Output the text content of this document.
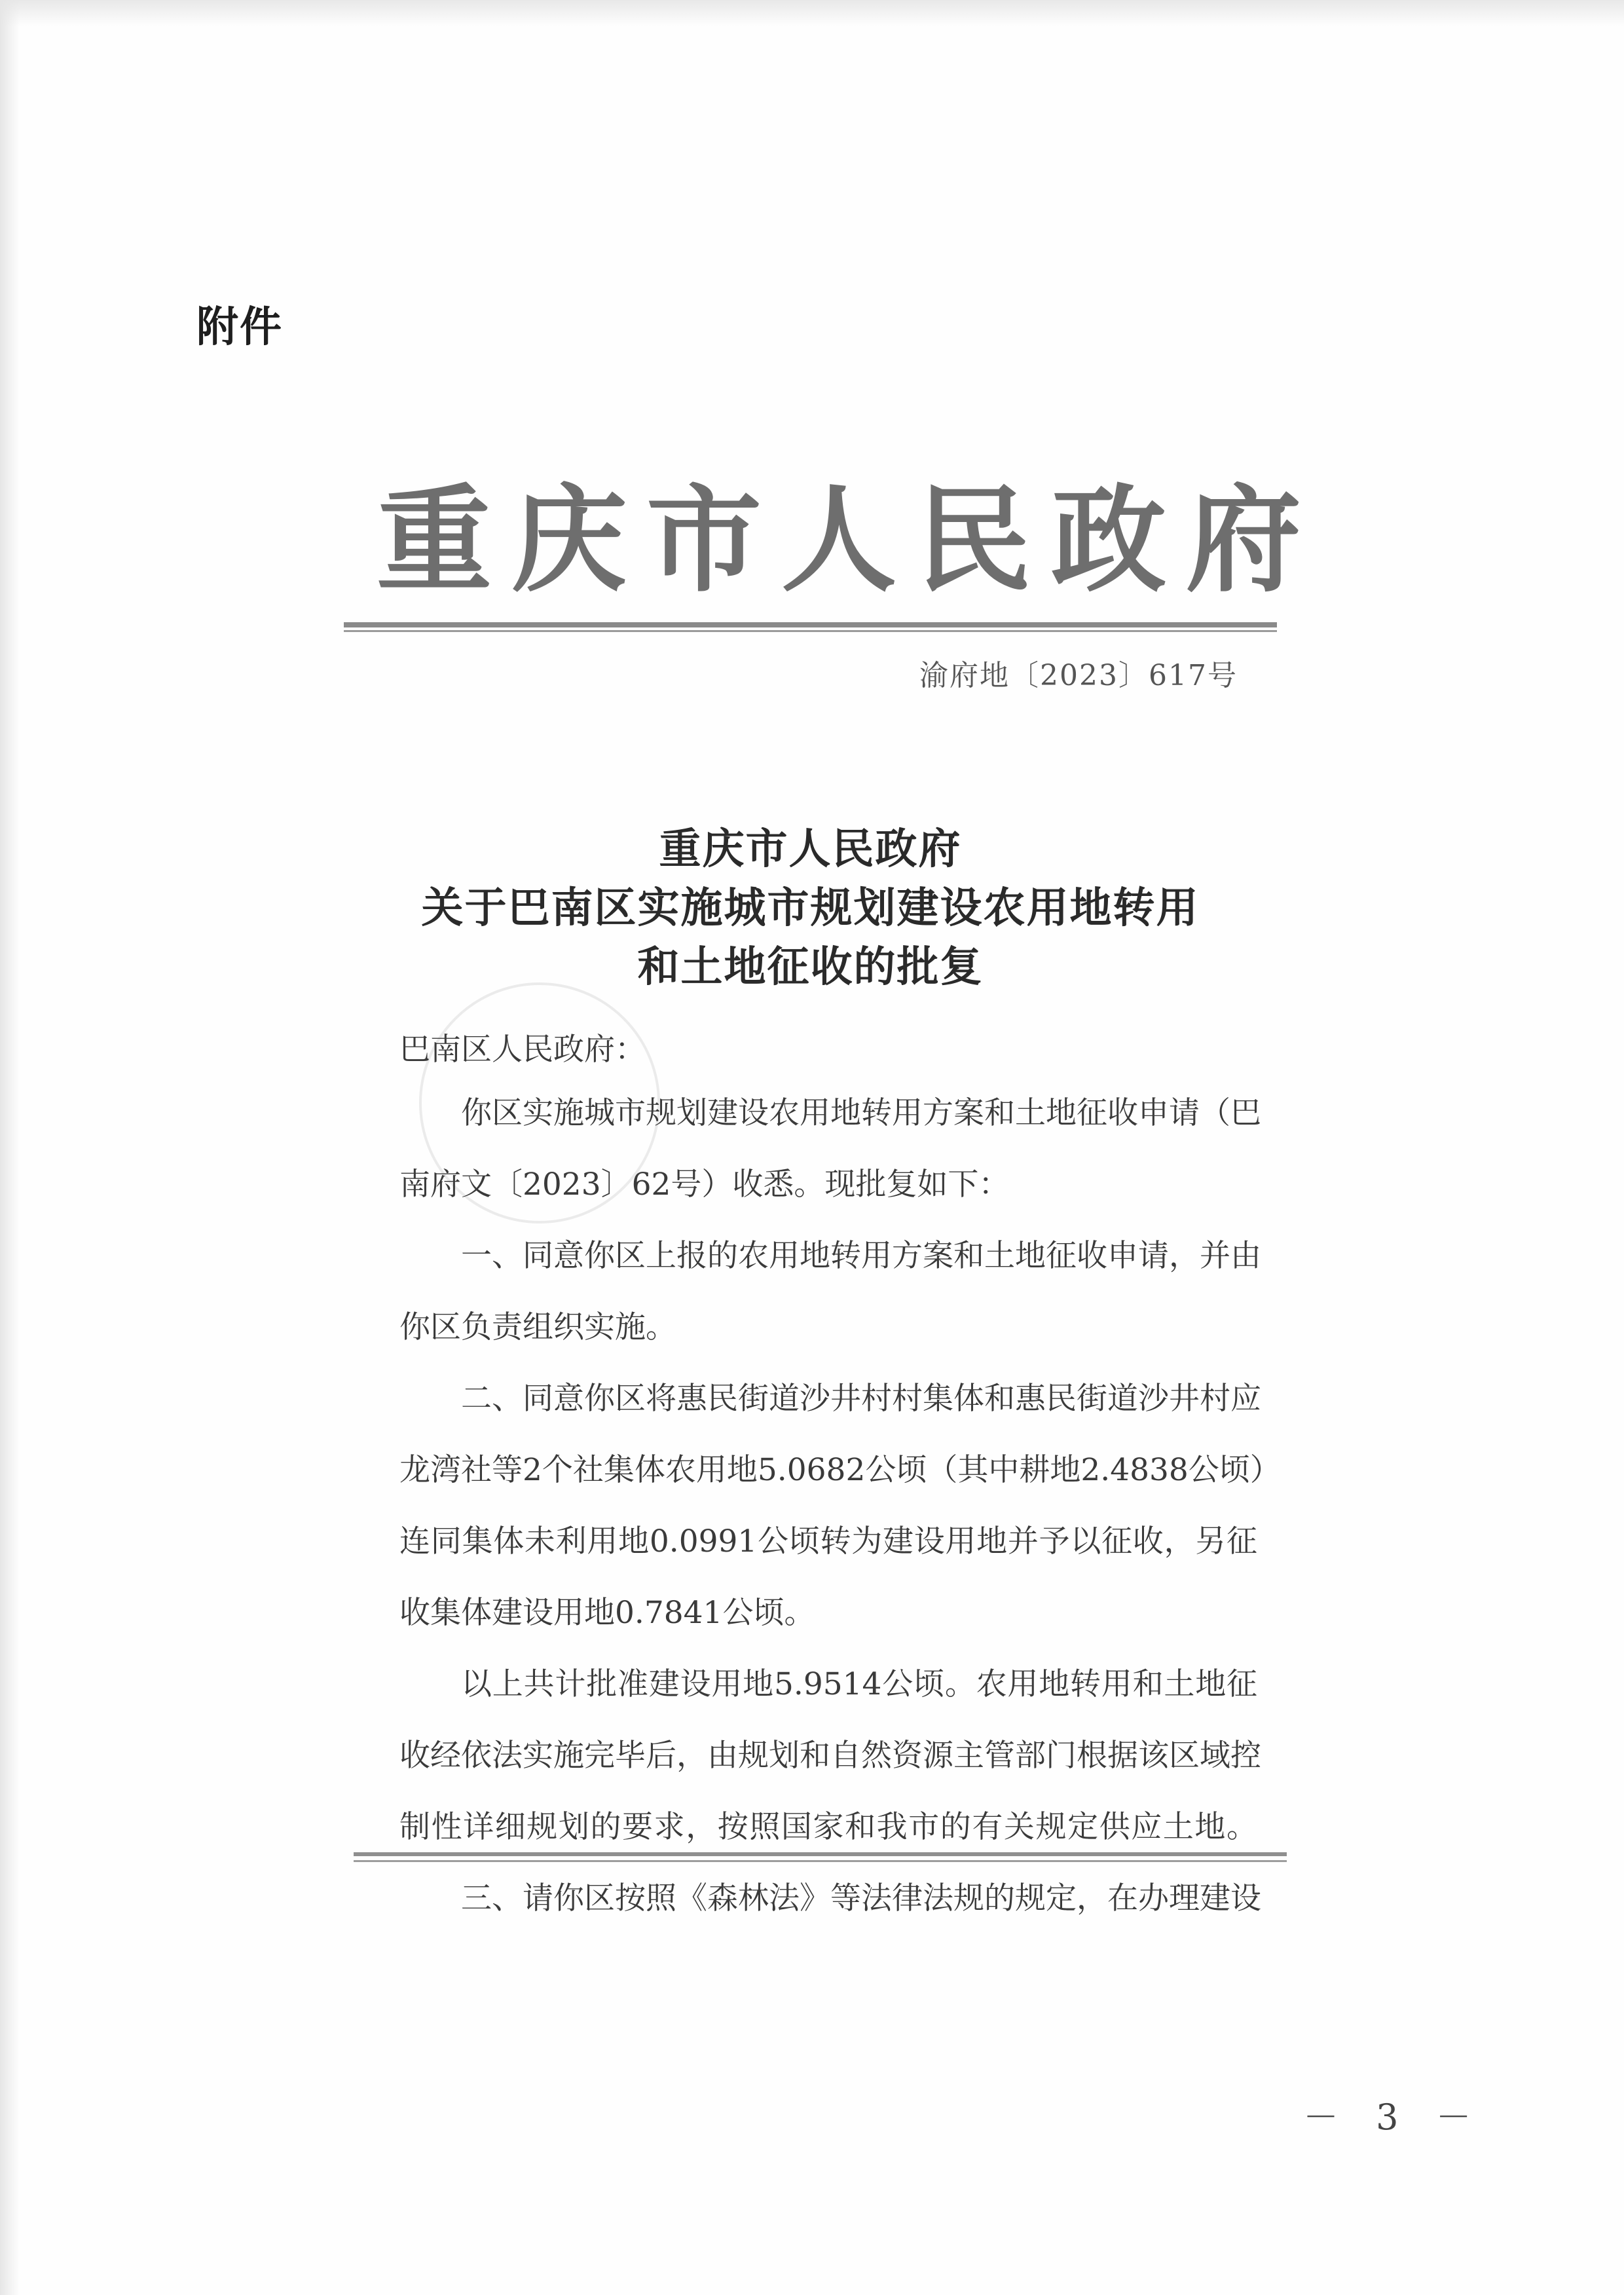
附件
重庆市人民政府
渝府地〔2023〕617号
重庆市人民政府
关于巴南区实施城市规划建设农用地转用
和土地征收的批复
巴南区人民政府：
你区实施城市规划建设农用地转用方案和土地征收申请（巴
南府文〔2023〕62号）收悉。现批复如下：
一、同意你区上报的农用地转用方案和土地征收申请，并由
你区负责组织实施。
二、同意你区将惠民街道沙井村村集体和惠民街道沙井村应
龙湾社等2个社集体农用地5.0682公顷（其中耕地2.4838公顷）
连同集体未利用地0.0991公顷转为建设用地并予以征收，另征
收集体建设用地0.7841公顷。
以上共计批准建设用地5.9514公顷。农用地转用和土地征
收经依法实施完毕后，由规划和自然资源主管部门根据该区域控
制性详细规划的要求，按照国家和我市的有关规定供应土地。
三、请你区按照《森林法》等法律法规的规定，在办理建设
－ 3 －
